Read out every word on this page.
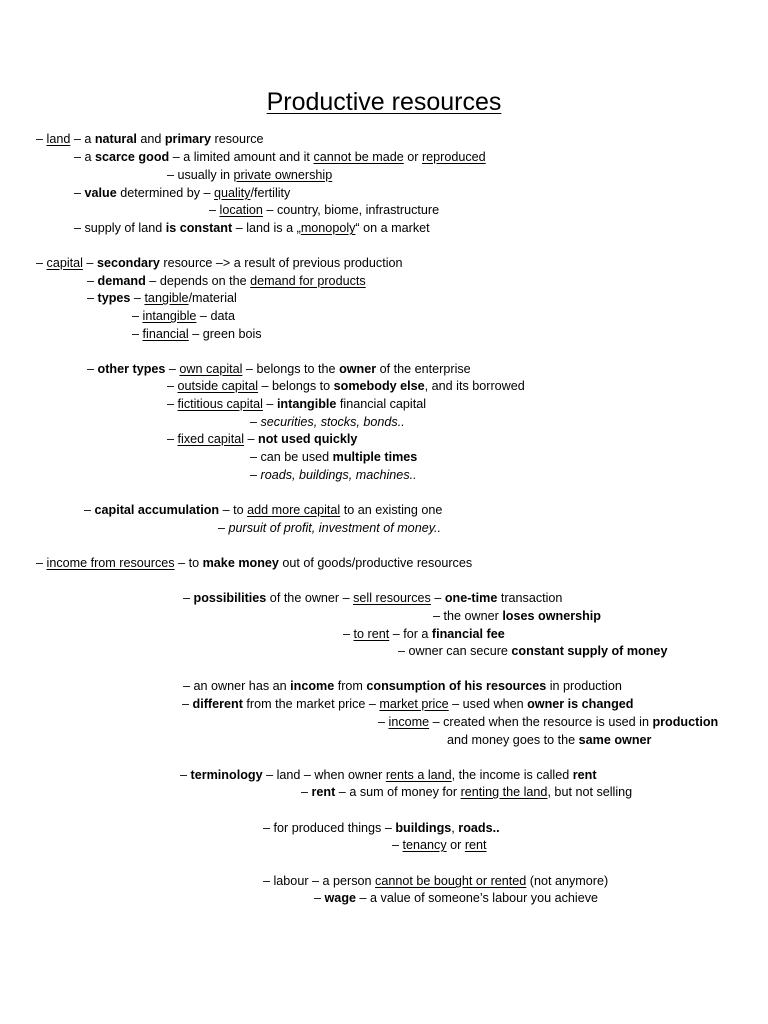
Productive resources
– land – a natural and primary resource
– a scarce good – a limited amount and it cannot be made or reproduced
– usually in private ownership
– value determined by – quality/fertility
– location – country, biome, infrastructure
– supply of land is constant – land is a „monopoly“ on a market
– capital – secondary resource –> a result of previous production
– demand – depends on the demand for products
– types – tangible/material
– intangible – data
– financial – green bois
– other types – own capital – belongs to the owner of the enterprise
– outside capital – belongs to somebody else, and its borrowed
– fictitious capital – intangible financial capital
– securities, stocks, bonds..
– fixed capital – not used quickly
– can be used multiple times
– roads, buildings, machines..
– capital accumulation – to add more capital to an existing one
– pursuit of profit, investment of money..
– income from resources – to make money out of goods/productive resources
– possibilities of the owner – sell resources – one-time transaction
– the owner loses ownership
– to rent – for a financial fee
– owner can secure constant supply of money
– an owner has an income from consumption of his resources in production
– different from the market price – market price – used when owner is changed
– income – created when the resource is used in production
and money goes to the same owner
– terminology – land – when owner rents a land, the income is called rent
– rent – a sum of money for renting the land, but not selling
– for produced things – buildings, roads..
– tenancy or rent
– labour – a person cannot be bought or rented (not anymore)
– wage – a value of someone’s labour you achieve
